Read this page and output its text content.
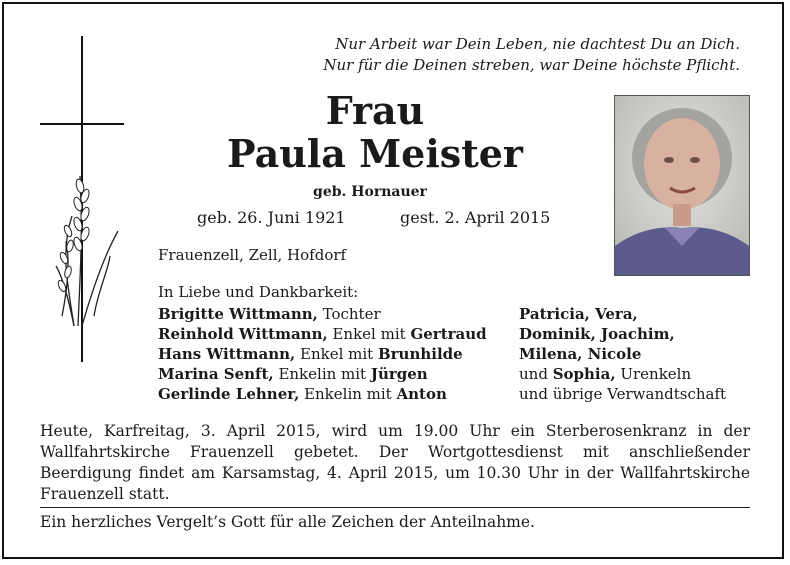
Nur Arbeit war Dein Leben, nie dachtest Du an Dich.
Nur für die Deinen streben, war Deine höchste Pflicht.
Frau
Paula Meister
geb. Hornauer
geb. 26. Juni 1921	gest. 2. April 2015
Frauenzell, Zell, Hofdorf
In Liebe und Dankbarkeit:
Brigitte Wittmann, Tochter
Reinhold Wittmann, Enkel mit Gertraud
Hans Wittmann, Enkel mit Brunhilde
Marina Senft, Enkelin mit Jürgen
Gerlinde Lehner, Enkelin mit Anton
Patricia, Vera,
Dominik, Joachim,
Milena, Nicole
und Sophia, Urenkeln
und übrige Verwandtschaft
Heute, Karfreitag, 3. April 2015, wird um 19.00 Uhr ein Sterberosenkranz in der Wallfahrtskirche Frauenzell gebetet. Der Wortgottesdienst mit anschließender Beerdigung findet am Karsamstag, 4. April 2015, um 10.30 Uhr in der Wallfahrtskirche Frauenzell statt.
Ein herzliches Vergelt’s Gott für alle Zeichen der Anteilnahme.
